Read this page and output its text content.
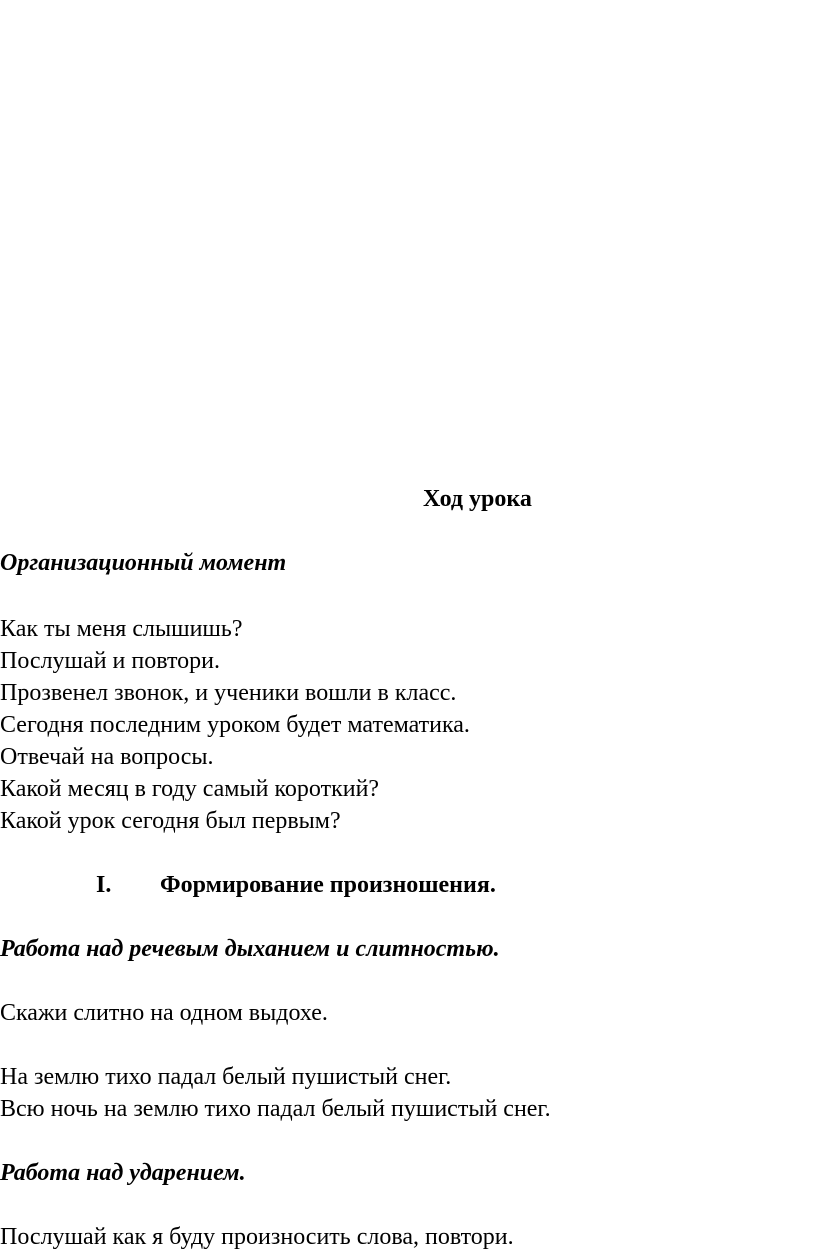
Ход урока
Организационный момент
Как ты меня слышишь?
Послушай и повтори.
Прозвенел звонок, и ученики вошли в класс.
Сегодня последним уроком будет математика.
Отвечай на вопросы.
Какой месяц в году самый короткий?
Какой урок сегодня был первым?
I. Формирование произношения.
Работа над речевым дыханием и слитностью.
Скажи слитно на одном выдохе.
На землю тихо падал белый пушистый снег.
Всю ночь на землю тихо падал белый пушистый снег.
Работа над ударением.
Послушай как я буду произносить слова, повтори.
